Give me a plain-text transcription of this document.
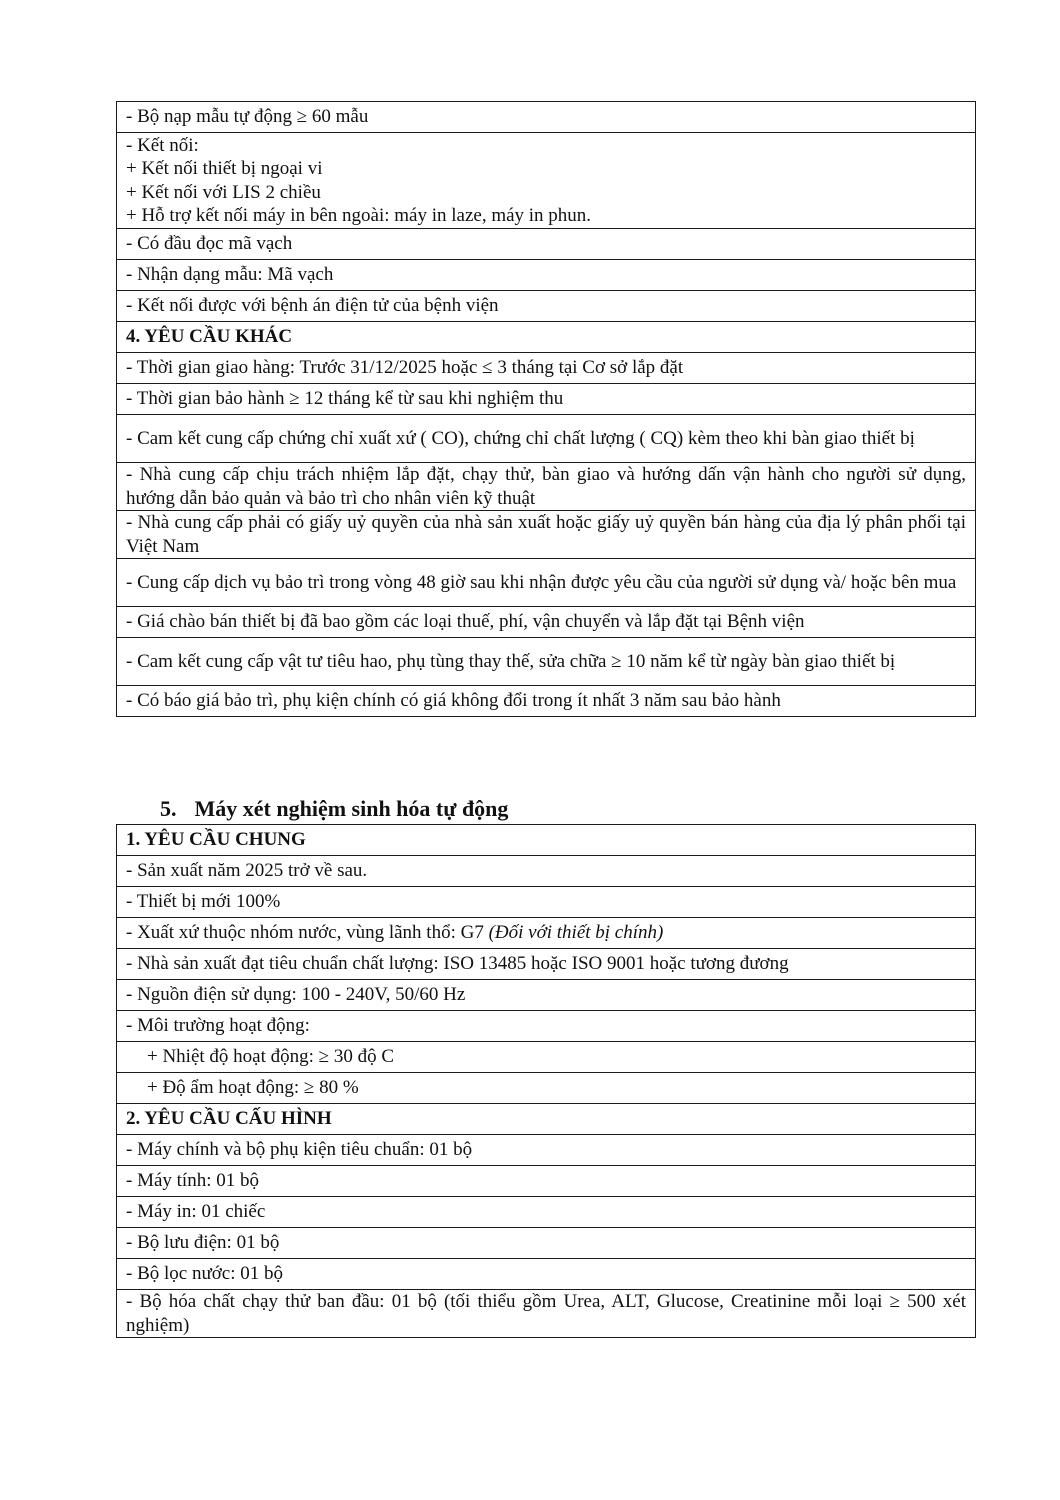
- Bộ nạp mẫu tự động ≥ 60 mẫu

- Kết nối:
+ Kết nối thiết bị ngoại vi
+ Kết nối với LIS 2 chiều
+ Hỗ trợ kết nối máy in bên ngoài: máy in laze, máy in phun.

- Có đầu đọc mã vạch
- Nhận dạng mẫu: Mã vạch
- Kết nối được với bệnh án điện tử của bệnh viện
4. YÊU CẦU KHÁC
- Thời gian giao hàng: Trước 31/12/2025 hoặc ≤ 3 tháng tại Cơ sở lắp đặt
- Thời gian bảo hành ≥ 12 tháng kể từ sau khi nghiệm thu
- Cam kết cung cấp chứng chỉ xuất xứ ( CO), chứng chỉ chất lượng ( CQ) kèm theo khi bàn giao thiết bị
- Nhà cung cấp chịu trách nhiệm lắp đặt, chạy thử, bàn giao và hướng dấn vận hành cho người sử dụng, hướng dẫn bảo quản và bảo trì cho nhân viên kỹ thuật
- Nhà cung cấp phải có giấy uỷ quyền của nhà sản xuất hoặc giấy uỷ quyền bán hàng của địa lý phân phối tại Việt Nam
- Cung cấp dịch vụ bảo trì trong vòng 48 giờ sau khi nhận được yêu cầu của người sử dụng và/ hoặc bên mua
- Giá chào bán thiết bị đã bao gồm các loại thuế, phí, vận chuyển và lắp đặt tại Bệnh viện
- Cam kết cung cấp vật tư tiêu hao, phụ tùng thay thế, sửa chữa ≥ 10 năm kể từ ngày bàn giao thiết bị
- Có báo giá bảo trì, phụ kiện chính có giá không đổi trong ít nhất 3 năm sau bảo hành
5. Máy xét nghiệm sinh hóa tự động
1. YÊU CẦU CHUNG
- Sản xuất năm 2025 trở về sau.
- Thiết bị mới 100%
- Xuất xứ thuộc nhóm nước, vùng lãnh thổ: G7 (Đối với thiết bị chính)
- Nhà sản xuất đạt tiêu chuẩn chất lượng: ISO 13485 hoặc ISO 9001 hoặc tương đương
- Nguồn điện sử dụng: 100 - 240V, 50/60 Hz
- Môi trường hoạt động:
+ Nhiệt độ hoạt động: ≥ 30 độ C
+ Độ ẩm hoạt động: ≥ 80 %
2. YÊU CẦU CẤU HÌNH
- Máy chính và bộ phụ kiện tiêu chuẩn: 01 bộ
- Máy tính: 01 bộ
- Máy in: 01 chiếc
- Bộ lưu điện: 01 bộ
- Bộ lọc nước: 01 bộ
- Bộ hóa chất chạy thử ban đầu: 01 bộ (tối thiểu gồm Urea, ALT, Glucose, Creatinine mỗi loại ≥ 500 xét nghiệm)
